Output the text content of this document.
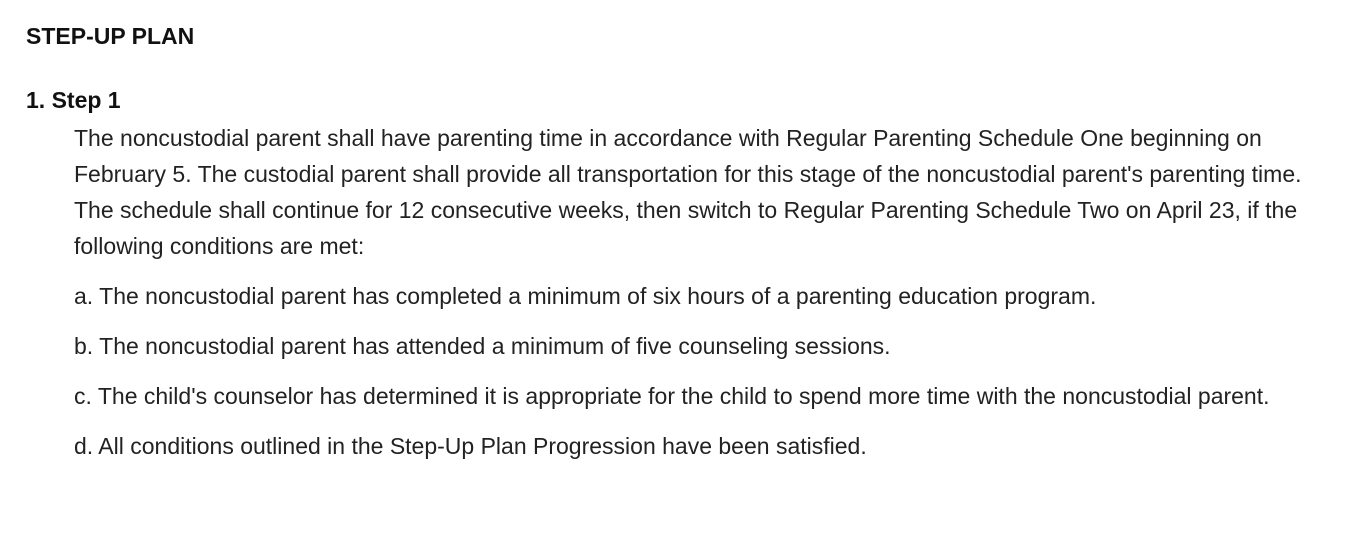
STEP-UP PLAN
1. Step 1

The noncustodial parent shall have parenting time in accordance with Regular Parenting Schedule One beginning on February 5. The custodial parent shall provide all transportation for this stage of the noncustodial parent's parenting time. The schedule shall continue for 12 consecutive weeks, then switch to Regular Parenting Schedule Two on April 23, if the following conditions are met:

a. The noncustodial parent has completed a minimum of six hours of a parenting education program.

b. The noncustodial parent has attended a minimum of five counseling sessions.

c. The child's counselor has determined it is appropriate for the child to spend more time with the noncustodial parent.

d. All conditions outlined in the Step-Up Plan Progression have been satisfied.
